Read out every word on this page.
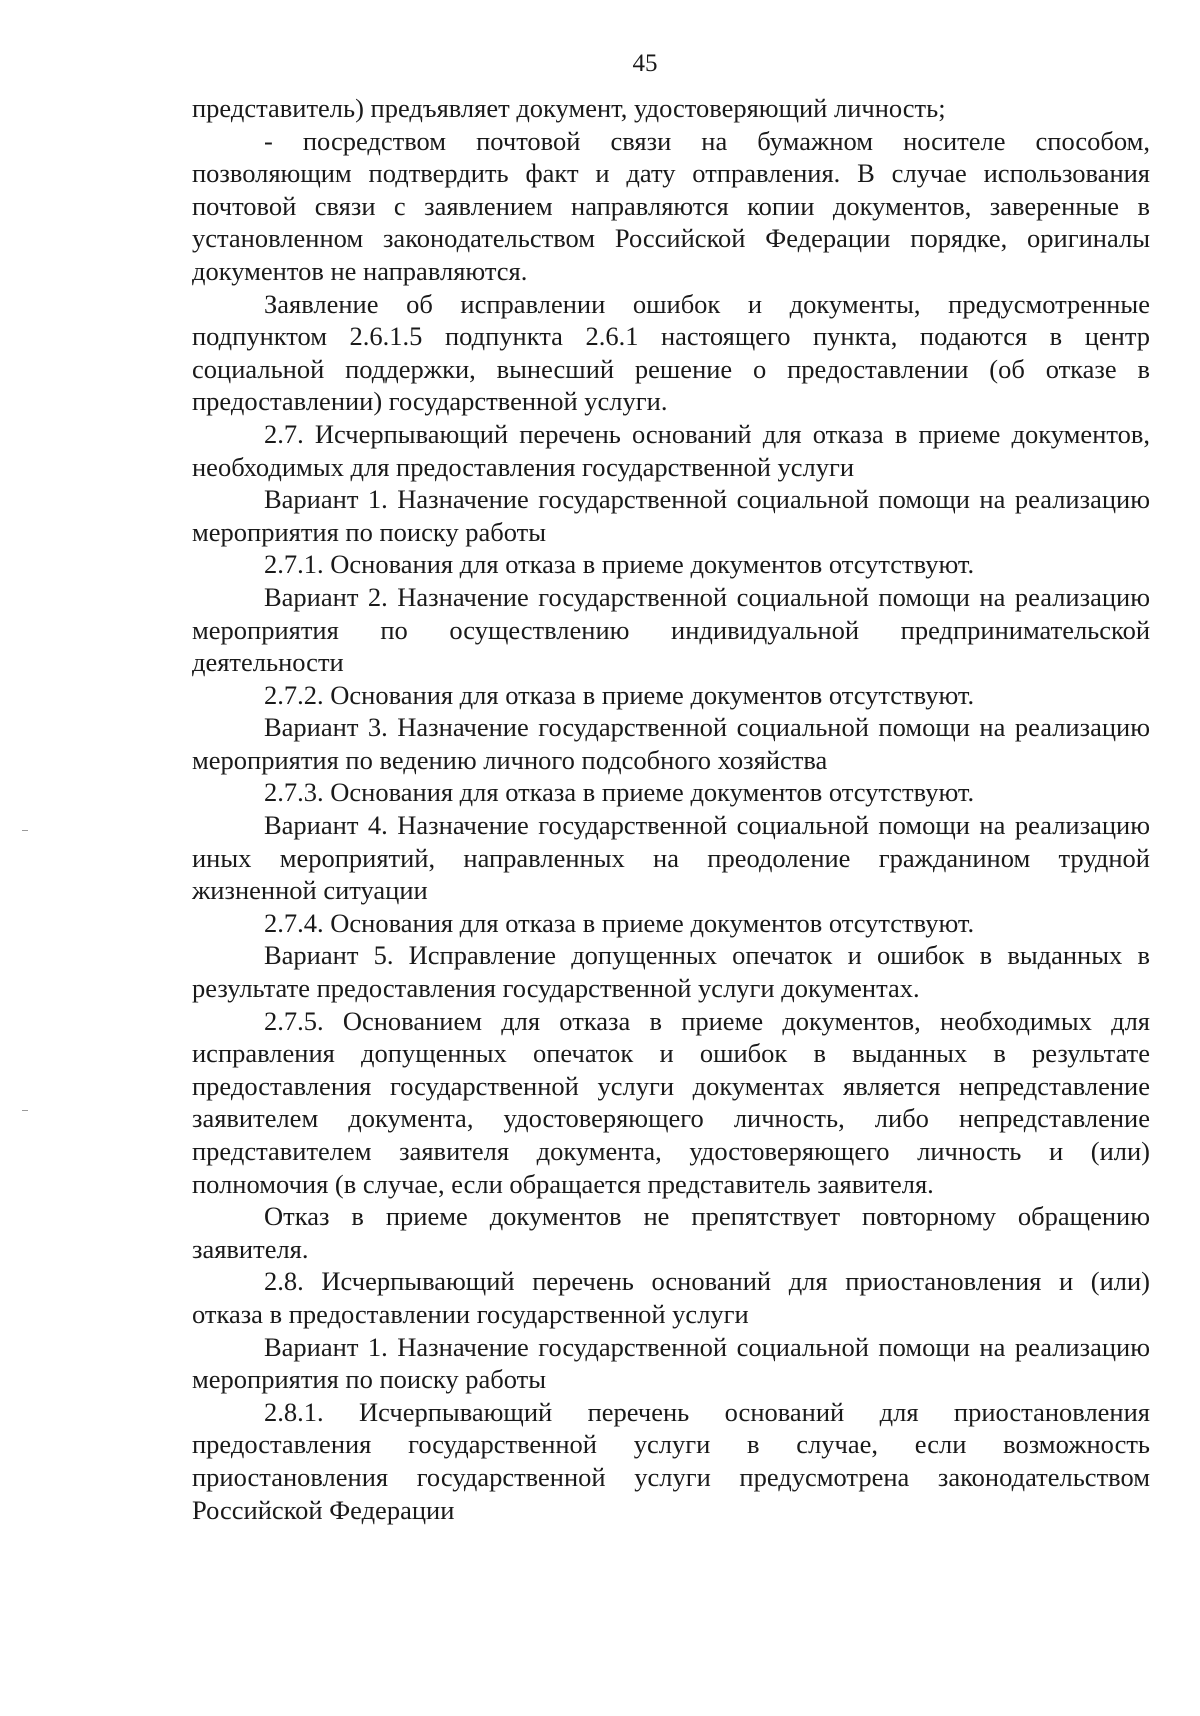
45

представитель) предъявляет документ, удостоверяющий личность;

- посредством почтовой связи на бумажном носителе способом, позволяющим подтвердить факт и дату отправления. В случае использования почтовой связи с заявлением направляются копии документов, заверенные в установленном законодательством Российской Федерации порядке, оригиналы документов не направляются.

Заявление об исправлении ошибок и документы, предусмотренные подпунктом 2.6.1.5 подпункта 2.6.1 настоящего пункта, подаются в центр социальной поддержки, вынесший решение о предоставлении (об отказе в предоставлении) государственной услуги.

2.7. Исчерпывающий перечень оснований для отказа в приеме документов, необходимых для предоставления государственной услуги

Вариант 1. Назначение государственной социальной помощи на реализацию мероприятия по поиску работы

2.7.1. Основания для отказа в приеме документов отсутствуют.

Вариант 2. Назначение государственной социальной помощи на реализацию мероприятия по осуществлению индивидуальной предпринимательской деятельности

2.7.2. Основания для отказа в приеме документов отсутствуют.

Вариант 3. Назначение государственной социальной помощи на реализацию мероприятия по ведению личного подсобного хозяйства

2.7.3. Основания для отказа в приеме документов отсутствуют.

Вариант 4. Назначение государственной социальной помощи на реализацию иных мероприятий, направленных на преодоление гражданином трудной жизненной ситуации

2.7.4. Основания для отказа в приеме документов отсутствуют.

Вариант 5. Исправление допущенных опечаток и ошибок в выданных в результате предоставления государственной услуги документах.

2.7.5. Основанием для отказа в приеме документов, необходимых для исправления допущенных опечаток и ошибок в выданных в результате предоставления государственной услуги документах является непредставление заявителем документа, удостоверяющего личность, либо непредставление представителем заявителя документа, удостоверяющего личность и (или) полномочия (в случае, если обращается представитель заявителя.

Отказ в приеме документов не препятствует повторному обращению заявителя.

2.8. Исчерпывающий перечень оснований для приостановления и (или) отказа в предоставлении государственной услуги

Вариант 1. Назначение государственной социальной помощи на реализацию мероприятия по поиску работы

2.8.1. Исчерпывающий перечень оснований для приостановления предоставления государственной услуги в случае, если возможность приостановления государственной услуги предусмотрена законодательством Российской Федерации
